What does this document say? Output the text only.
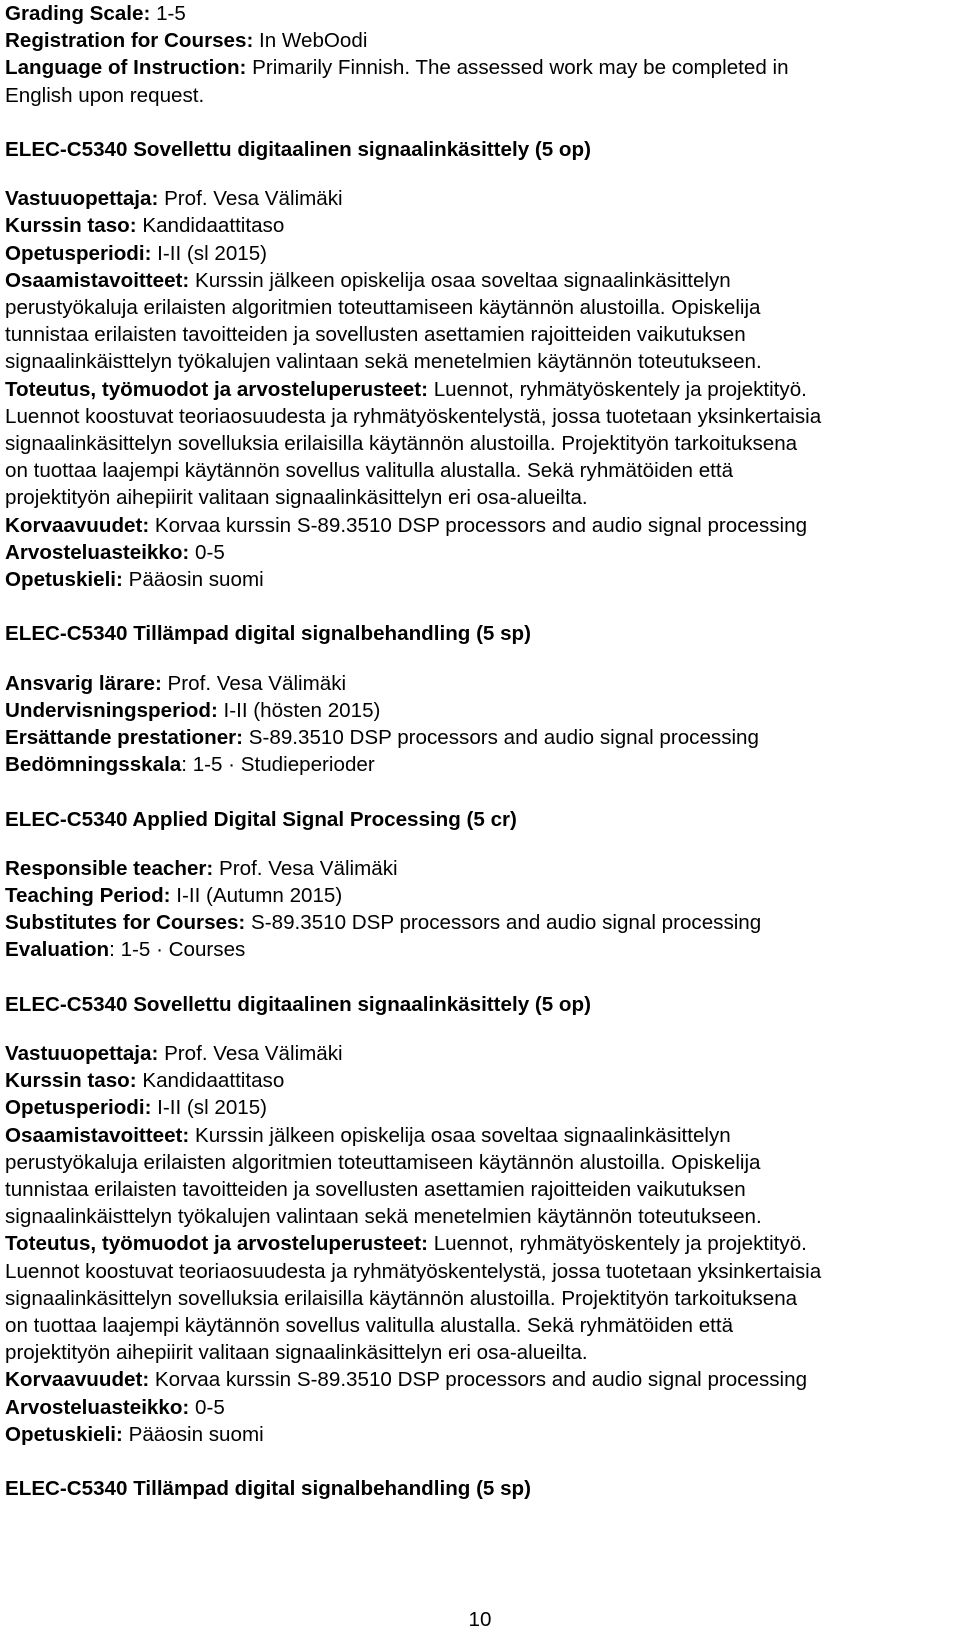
Grading Scale: 1-5
Registration for Courses: In WebOodi
Language of Instruction: Primarily Finnish. The assessed work may be completed in
English upon request.
ELEC-C5340 Sovellettu digitaalinen signaalinkäsittely (5 op)
Vastuuopettaja: Prof. Vesa Välimäki
Kurssin taso: Kandidaattitaso
Opetusperiodi: I-II (sl 2015)
Osaamistavoitteet: Kurssin jälkeen opiskelija osaa soveltaa signaalinkäsittelyn
perustyökaluja erilaisten algoritmien toteuttamiseen käytännön alustoilla. Opiskelija
tunnistaa erilaisten tavoitteiden ja sovellusten asettamien rajoitteiden vaikutuksen
signaalinkäisttelyn työkalujen valintaan sekä menetelmien käytännön toteutukseen.
Toteutus, työmuodot ja arvosteluperusteet: Luennot, ryhmätyöskentely ja projektityö.
Luennot koostuvat teoriaosuudesta ja ryhmätyöskentelystä, jossa tuotetaan yksinkertaisia
signaalinkäsittelyn sovelluksia erilaisilla käytännön alustoilla. Projektityön tarkoituksena
on tuottaa laajempi käytännön sovellus valitulla alustalla. Sekä ryhmätöiden että
projektityön aihepiirit valitaan signaalinkäsittelyn eri osa-alueilta.
Korvaavuudet: Korvaa kurssin S-89.3510 DSP processors and audio signal processing
Arvosteluasteikko: 0-5
Opetuskieli: Pääosin suomi
ELEC-C5340 Tillämpad digital signalbehandling (5 sp)
Ansvarig lärare: Prof. Vesa Välimäki
Undervisningsperiod: I-II (hösten 2015)
Ersättande prestationer: S-89.3510 DSP processors and audio signal processing
Bedömningsskala: 1-5 · Studieperioder
ELEC-C5340 Applied Digital Signal Processing (5 cr)
Responsible teacher: Prof. Vesa Välimäki
Teaching Period: I-II (Autumn 2015)
Substitutes for Courses: S-89.3510 DSP processors and audio signal processing
Evaluation: 1-5 · Courses
ELEC-C5340 Sovellettu digitaalinen signaalinkäsittely (5 op)
Vastuuopettaja: Prof. Vesa Välimäki
Kurssin taso: Kandidaattitaso
Opetusperiodi: I-II (sl 2015)
Osaamistavoitteet: Kurssin jälkeen opiskelija osaa soveltaa signaalinkäsittelyn
perustyökaluja erilaisten algoritmien toteuttamiseen käytännön alustoilla. Opiskelija
tunnistaa erilaisten tavoitteiden ja sovellusten asettamien rajoitteiden vaikutuksen
signaalinkäisttelyn työkalujen valintaan sekä menetelmien käytännön toteutukseen.
Toteutus, työmuodot ja arvosteluperusteet: Luennot, ryhmätyöskentely ja projektityö.
Luennot koostuvat teoriaosuudesta ja ryhmätyöskentelystä, jossa tuotetaan yksinkertaisia
signaalinkäsittelyn sovelluksia erilaisilla käytännön alustoilla. Projektityön tarkoituksena
on tuottaa laajempi käytännön sovellus valitulla alustalla. Sekä ryhmätöiden että
projektityön aihepiirit valitaan signaalinkäsittelyn eri osa-alueilta.
Korvaavuudet: Korvaa kurssin S-89.3510 DSP processors and audio signal processing
Arvosteluasteikko: 0-5
Opetuskieli: Pääosin suomi
ELEC-C5340 Tillämpad digital signalbehandling (5 sp)
10
